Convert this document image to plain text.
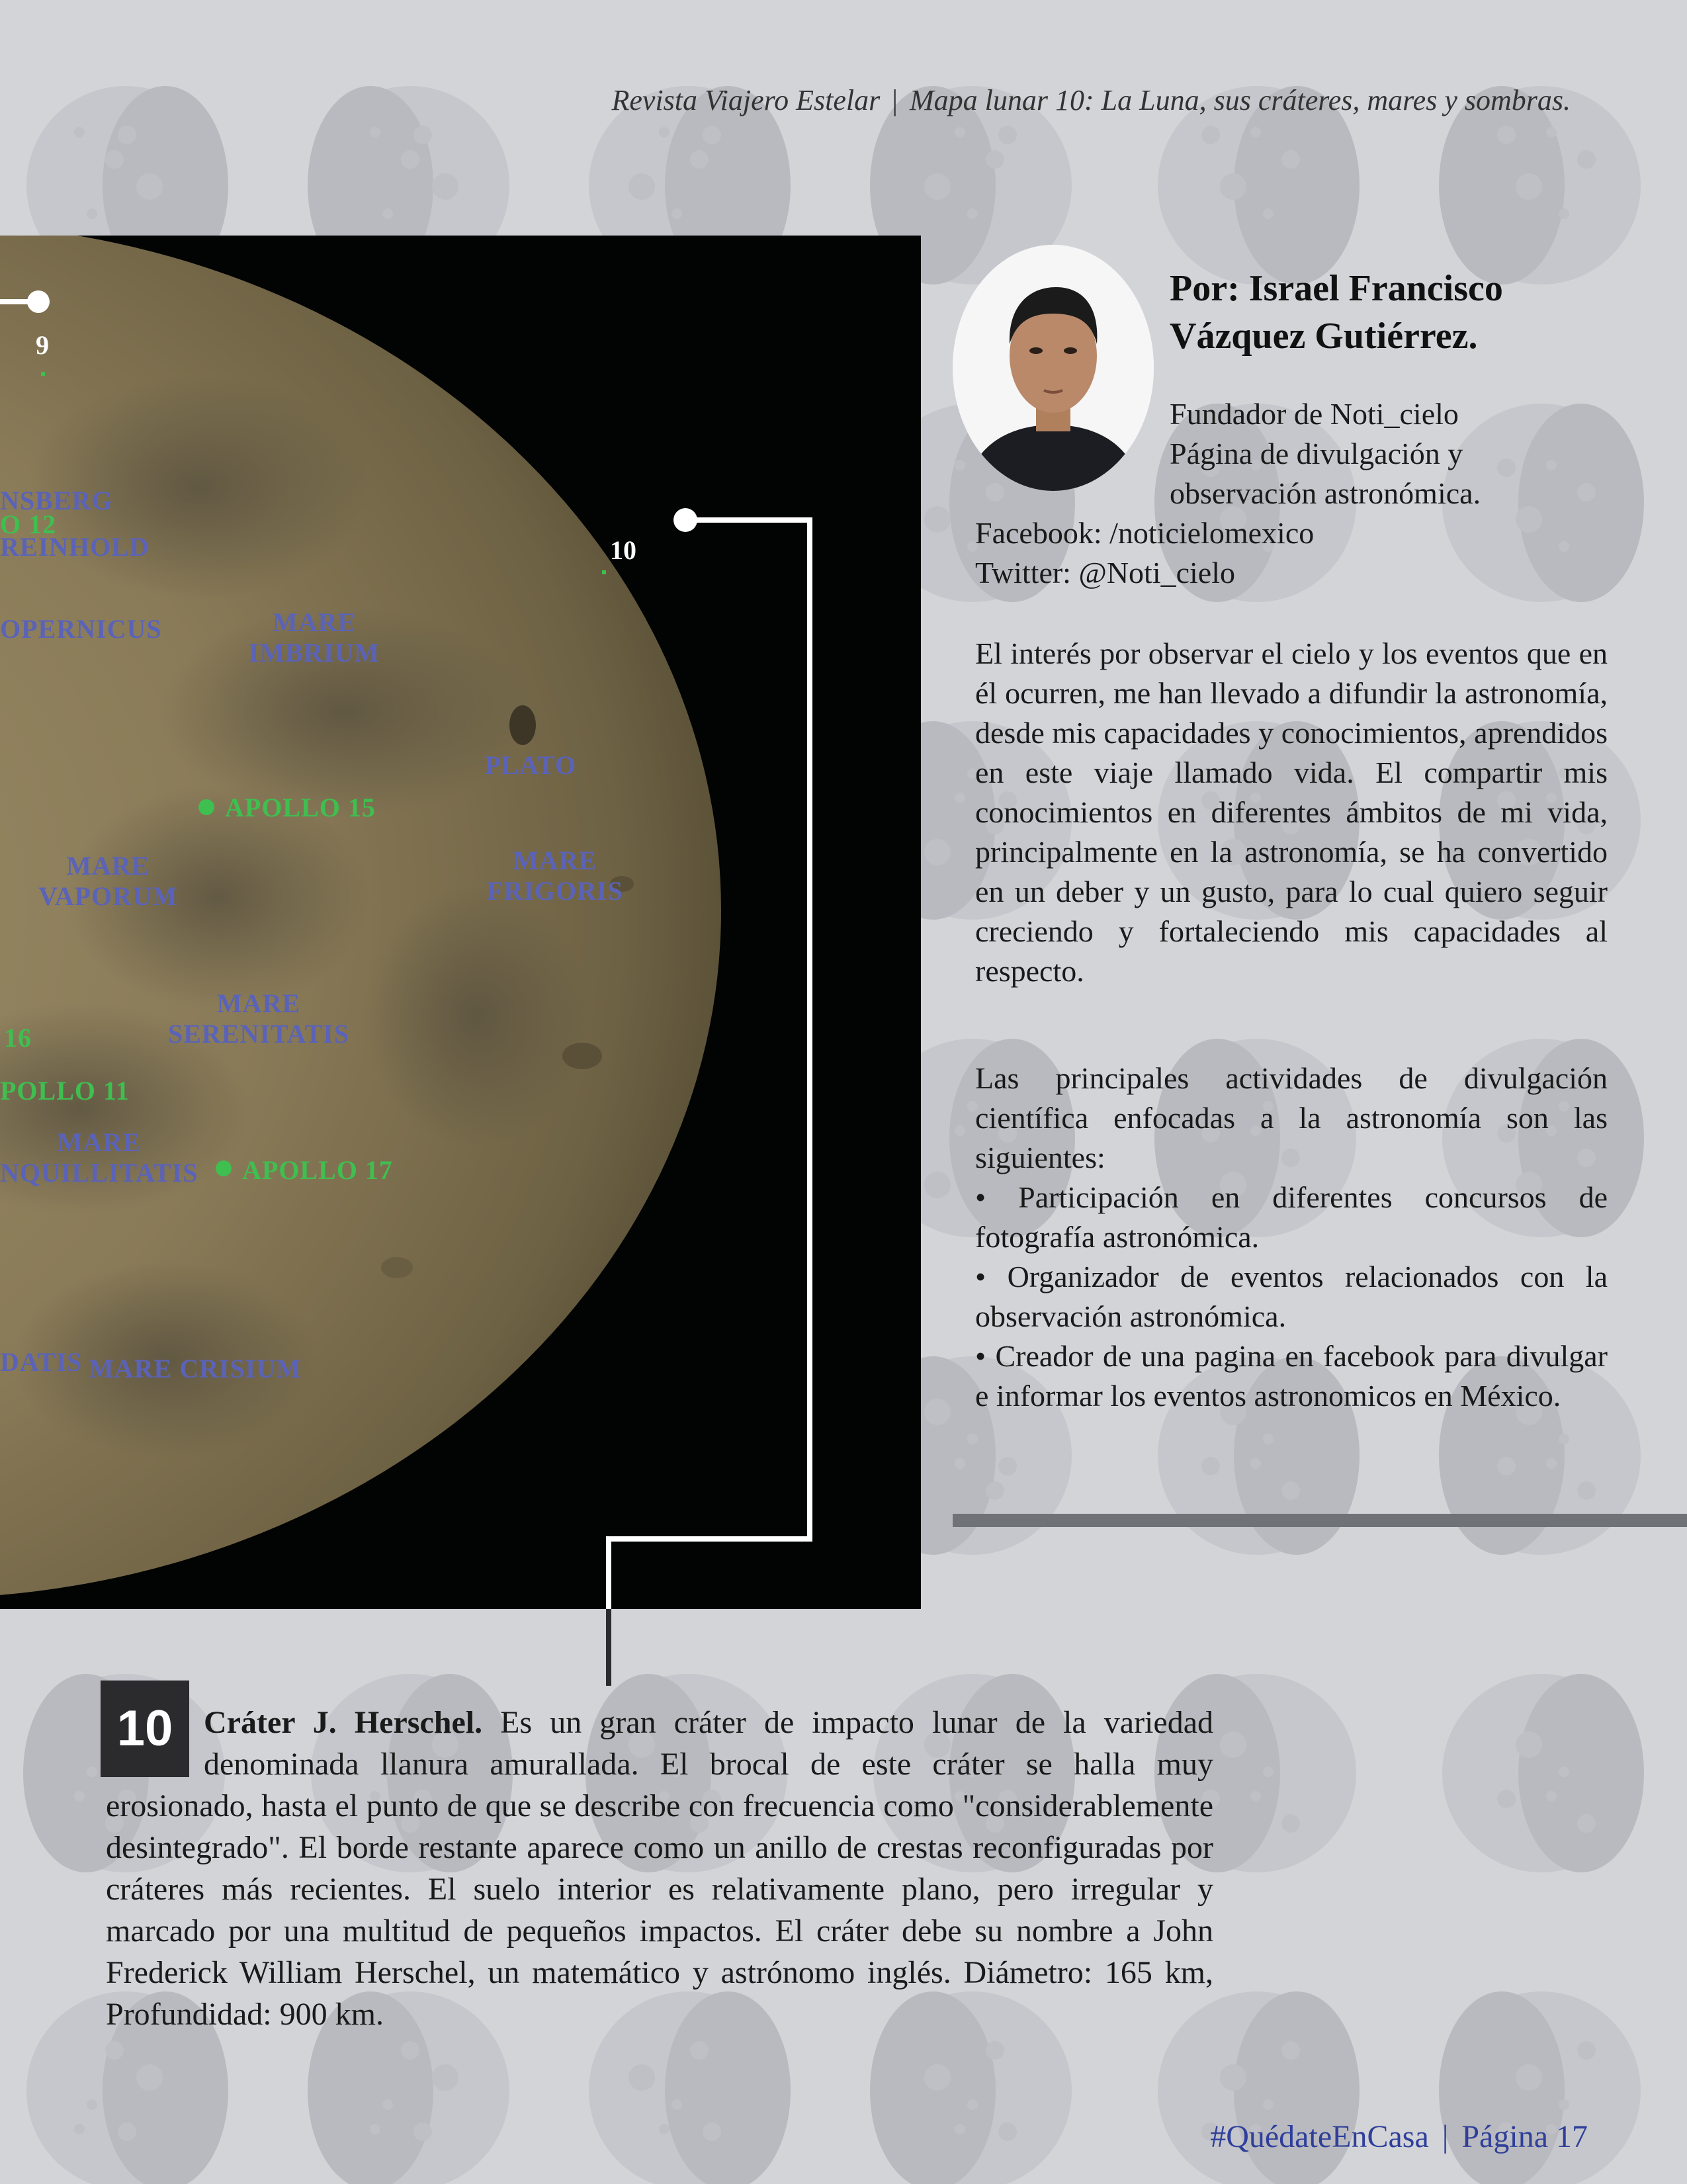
Revista Viajero Estelar | Mapa lunar 10: La Luna, sus cráteres, mares y sombras.
9
10
NSBERG
O 12
REINHOLD
OPERNICUS	MARE
IMBRIUM
PLATO
APOLLO 15
MARE
VAPORUM
MARE
FRIGORIS
MARE
SERENITATIS
16
POLLO 11
MARE
NQUILLITATIS APOLLO 17
DATIS MARE CRISIUM
Por: Israel Francisco Vázquez Gutiérrez.
Fundador de Noti_cielo
Página de divulgación y
observación astronómica.
Facebook: /noticielomexico
Twitter: @Noti_cielo

El interés por observar el cielo y los eventos que en él ocurren, me han llevado a difundir la astronomía, desde mis capacidades y conocimientos, aprendidos en este viaje llamado vida. El compartir mis conocimientos en diferentes ámbitos de mi vida, principalmente en la astronomía, se ha convertido en un deber y un gusto, para lo cual quiero seguir creciendo y fortaleciendo mis capacidades al respecto.

Las principales actividades de divulgación científica enfocadas a la astronomía son las siguientes:

• Participación en diferentes concursos de fotografía astronómica.

• Organizador de eventos relacionados con la observación astronómica.

• Creador de una pagina en facebook para divulgar e informar los eventos astronomicos en México.

10 Cráter J. Herschel. Es un gran cráter de impacto lunar de la variedad denominada llanura amurallada. El brocal de este cráter se halla muy erosionado, hasta el punto de que se describe con frecuencia como "considerablemente desintegrado". El borde restante aparece como un anillo de crestas reconfiguradas por cráteres más recientes. El suelo interior es relativamente plano, pero irregular y marcado por una multitud de pequeños impactos. El cráter debe su nombre a John Frederick William Herschel, un matemático y astrónomo inglés. Diámetro: 165 km, Profundidad: 900 km.
#QuédateEnCasa | Página 17
